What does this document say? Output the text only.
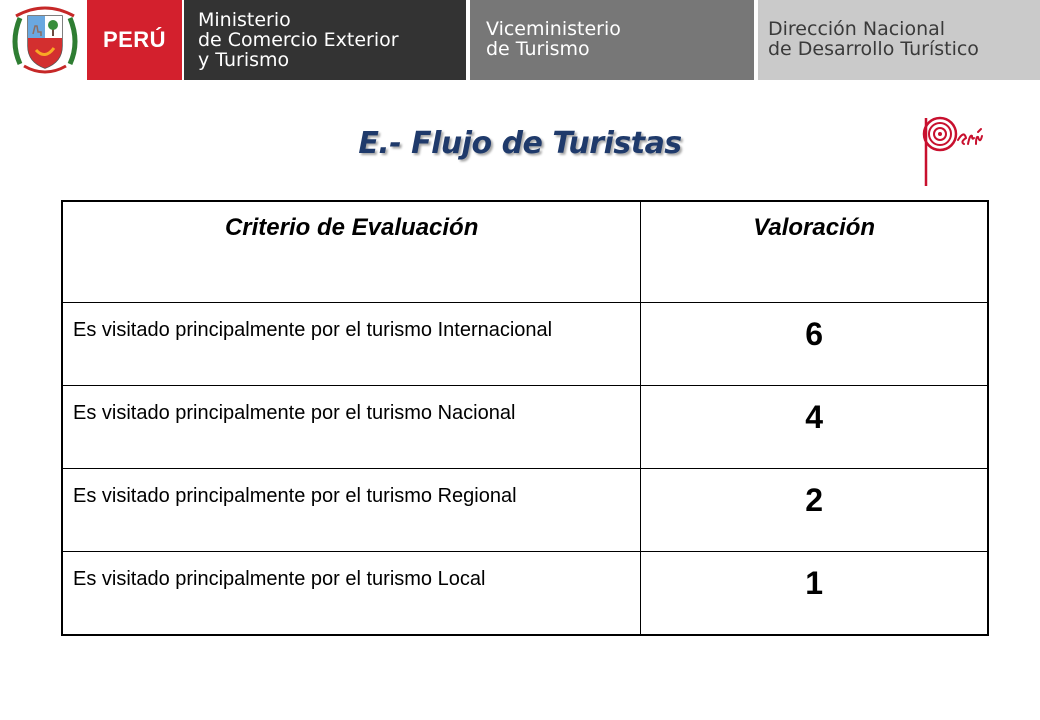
PERÚ
Ministerio
de Comercio Exterior
y Turismo
Viceministerio
de Turismo
Dirección Nacional
de Desarrollo Turístico
E.- Flujo de Turistas
Criterio de Evaluación	Valoración

Es visitado principalmente por el turismo Internacional	6

Es visitado principalmente por el turismo Nacional	4

Es visitado principalmente por el turismo Regional	2

Es visitado principalmente por el turismo Local	1
